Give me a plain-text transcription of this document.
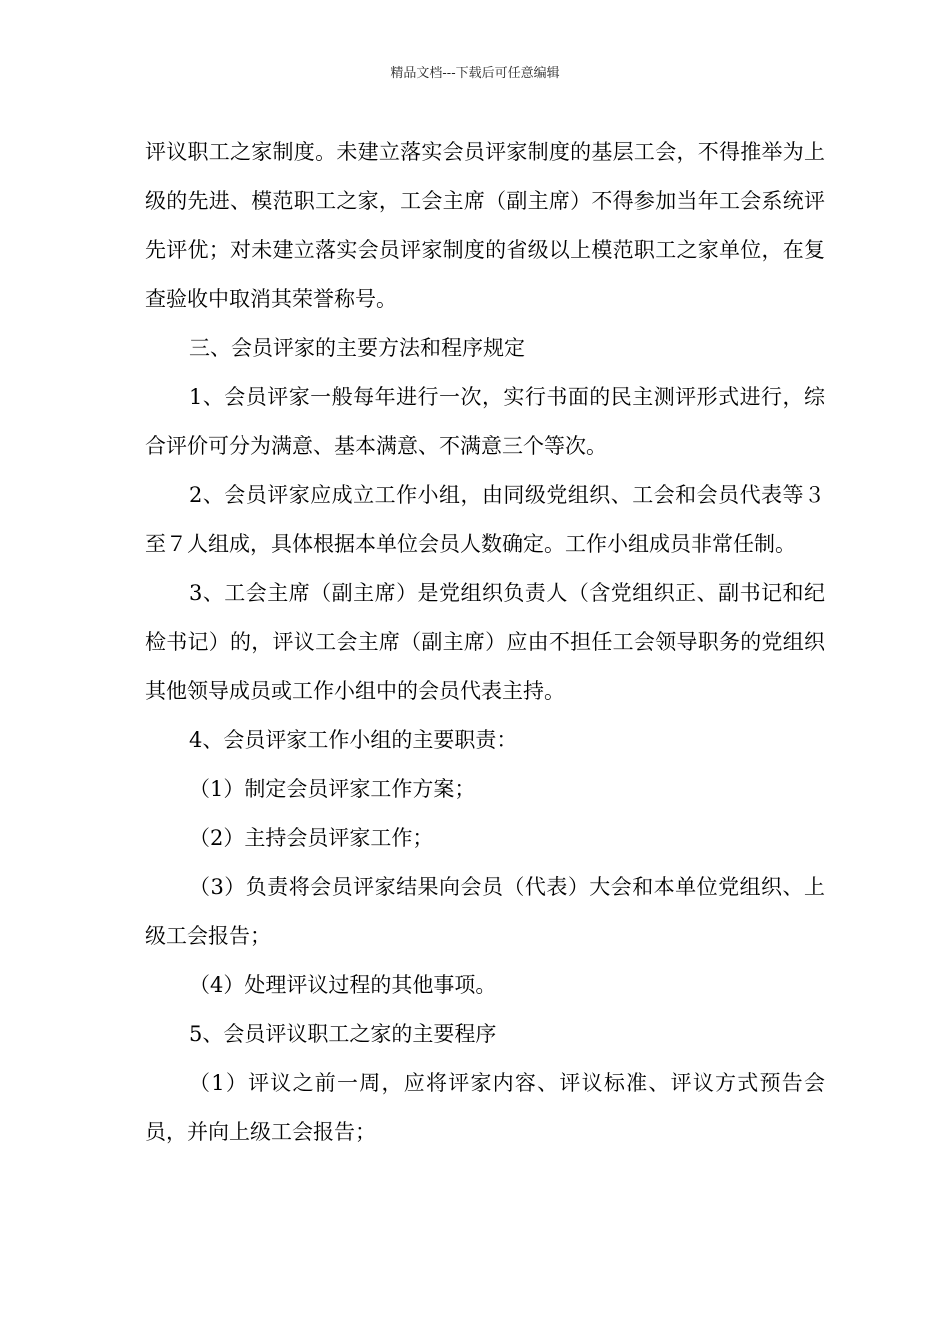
精品文档---下载后可任意编辑

评议职工之家制度。未建立落实会员评家制度的基层工会，不得推举为上级的先进、模范职工之家，工会主席（副主席）不得参加当年工会系统评先评优；对未建立落实会员评家制度的省级以上模范职工之家单位，在复查验收中取消其荣誉称号。

三、会员评家的主要方法和程序规定

1、会员评家一般每年进行一次，实行书面的民主测评形式进行，综合评价可分为满意、基本满意、不满意三个等次。

2、会员评家应成立工作小组，由同级党组织、工会和会员代表等３至７人组成，具体根据本单位会员人数确定。工作小组成员非常任制。

3、工会主席（副主席）是党组织负责人（含党组织正、副书记和纪检书记）的，评议工会主席（副主席）应由不担任工会领导职务的党组织其他领导成员或工作小组中的会员代表主持。

4、会员评家工作小组的主要职责：

（1）制定会员评家工作方案；

（2）主持会员评家工作；

（3）负责将会员评家结果向会员（代表）大会和本单位党组织、上级工会报告；

（4）处理评议过程的其他事项。

5、会员评议职工之家的主要程序

（1）评议之前一周，应将评家内容、评议标准、评议方式预告会员，并向上级工会报告；
